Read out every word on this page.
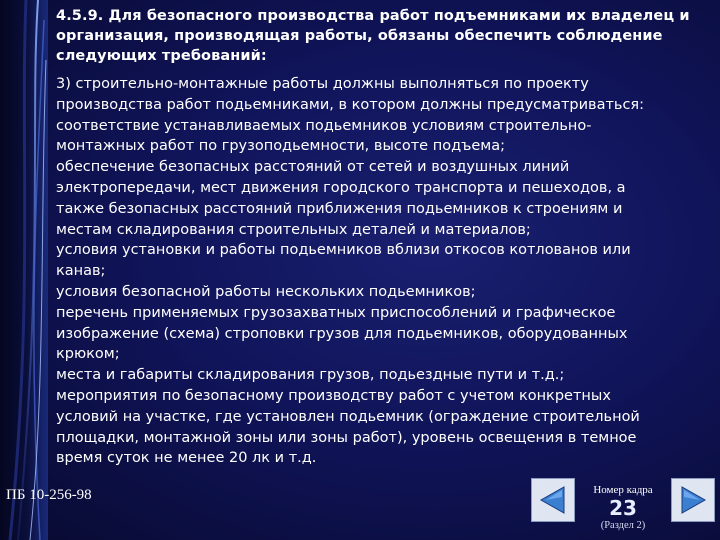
4.5.9. Для безопасного производства работ подъемниками их владелец и организация, производящая работы, обязаны обеспечить соблюдение следующих требований:
3) строительно-монтажные работы должны выполняться по проекту
производства работ подьемниками, в котором должны предусматриваться:
соответствие устанавливаемых подьемников условиям строительно-
монтажных работ по грузоподьемности, высоте подъема;
обеспечение безопасных расстояний от сетей и воздушных линий
электропередачи, мест движения городского транспорта и пешеходов, а
также безопасных расстояний приближения подьемников к строениям и
местам складирования строительных деталей и материалов;
условия установки и работы подьемников вблизи откосов котлованов или
канав;
условия безопасной работы нескольких подьемников;
перечень применяемых грузозахватных приспособлений и графическое
изображение (схема) строповки грузов для подьемников, оборудованных
крюком;
места и габариты складирования грузов, подьездные пути и т.д.;
мероприятия по безопасному производству работ с учетом конкретных
условий на участке, где установлен подьемник (ограждение строительной
площадки, монтажной зоны или зоны работ), уровень освещения в темное
время суток не менее 20 лк и т.д.
ПБ 10-256-98	Номер кадра
23
(Раздел 2)
